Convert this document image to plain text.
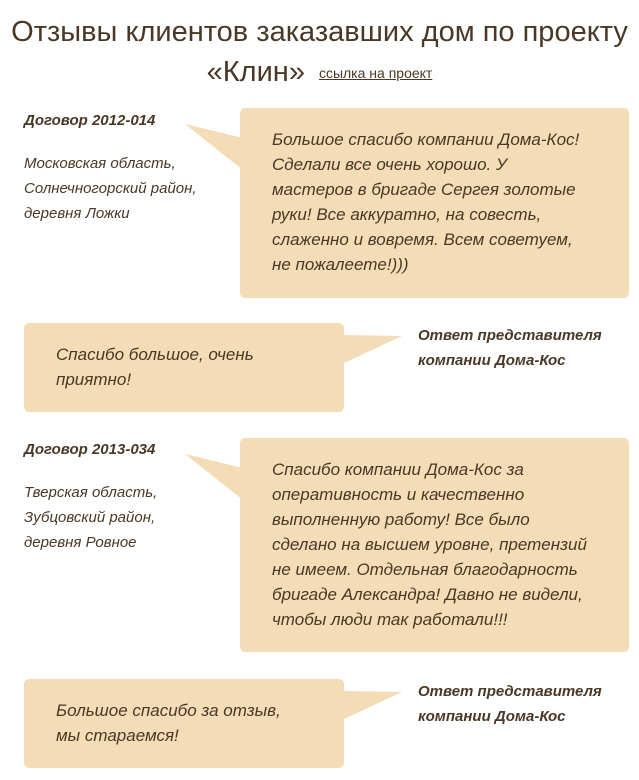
Отзывы клиентов заказавших дом по проекту
«Клин» ссылка на проект
Договор 2012-014
Московская область,
Солнечногорский район,
деревня Ложки
Большое спасибо компании Дома-Кос!
Сделали все очень хорошо. У
мастеров в бригаде Сергея золотые
руки! Все аккуратно, на совесть,
слаженно и вовремя. Всем советуем,
не пожалеете!)))
Спасибо большое, очень
приятно!
Ответ представителя
компании Дома-Кос
Договор 2013-034
Тверская область,
Зубцовский район,
деревня Ровное
Спасибо компании Дома-Кос за
оперативность и качественно
выполненную работу! Все было
сделано на высшем уровне, претензий
не имеем. Отдельная благодарность
бригаде Александра! Давно не видели,
чтобы люди так работали!!!
Большое спасибо за отзыв,
мы стараемся!
Ответ представителя
компании Дома-Кос
